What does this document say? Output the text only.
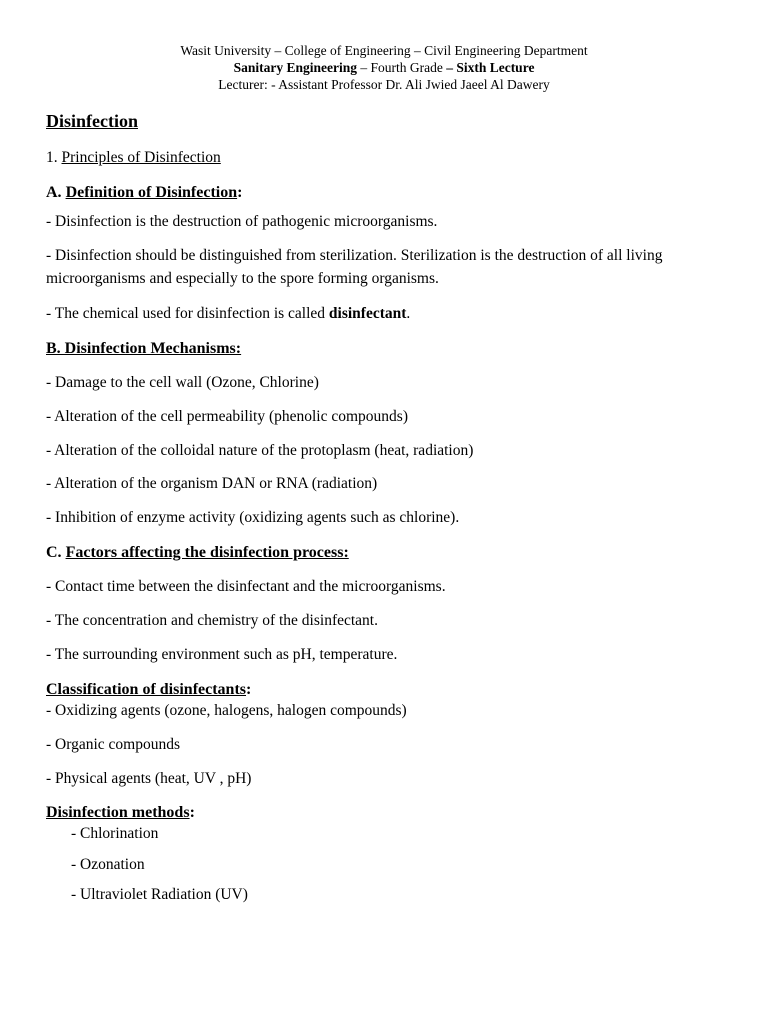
Wasit University – College of Engineering – Civil Engineering Department
Sanitary Engineering – Fourth Grade – Sixth Lecture
Lecturer: - Assistant Professor Dr. Ali Jwied Jaeel Al Dawery
Disinfection
1. Principles of Disinfection
A. Definition of Disinfection:
- Disinfection is the destruction of pathogenic microorganisms.
- Disinfection should be distinguished from sterilization. Sterilization is the destruction of all living microorganisms and especially to the spore forming organisms.
- The chemical used for disinfection is called disinfectant.
B. Disinfection Mechanisms:
- Damage to the cell wall (Ozone, Chlorine)
- Alteration of the cell permeability (phenolic compounds)
- Alteration of the colloidal nature of the protoplasm (heat, radiation)
- Alteration of the organism DAN or RNA (radiation)
- Inhibition of enzyme activity (oxidizing agents such as chlorine).
C. Factors affecting the disinfection process:
- Contact time between the disinfectant and the microorganisms.
- The concentration and chemistry of the disinfectant.
- The surrounding environment such as pH, temperature.
Classification of disinfectants:
- Oxidizing agents (ozone, halogens, halogen compounds)
- Organic compounds
- Physical agents (heat, UV , pH)
Disinfection methods:
- Chlorination
- Ozonation
- Ultraviolet Radiation (UV)
